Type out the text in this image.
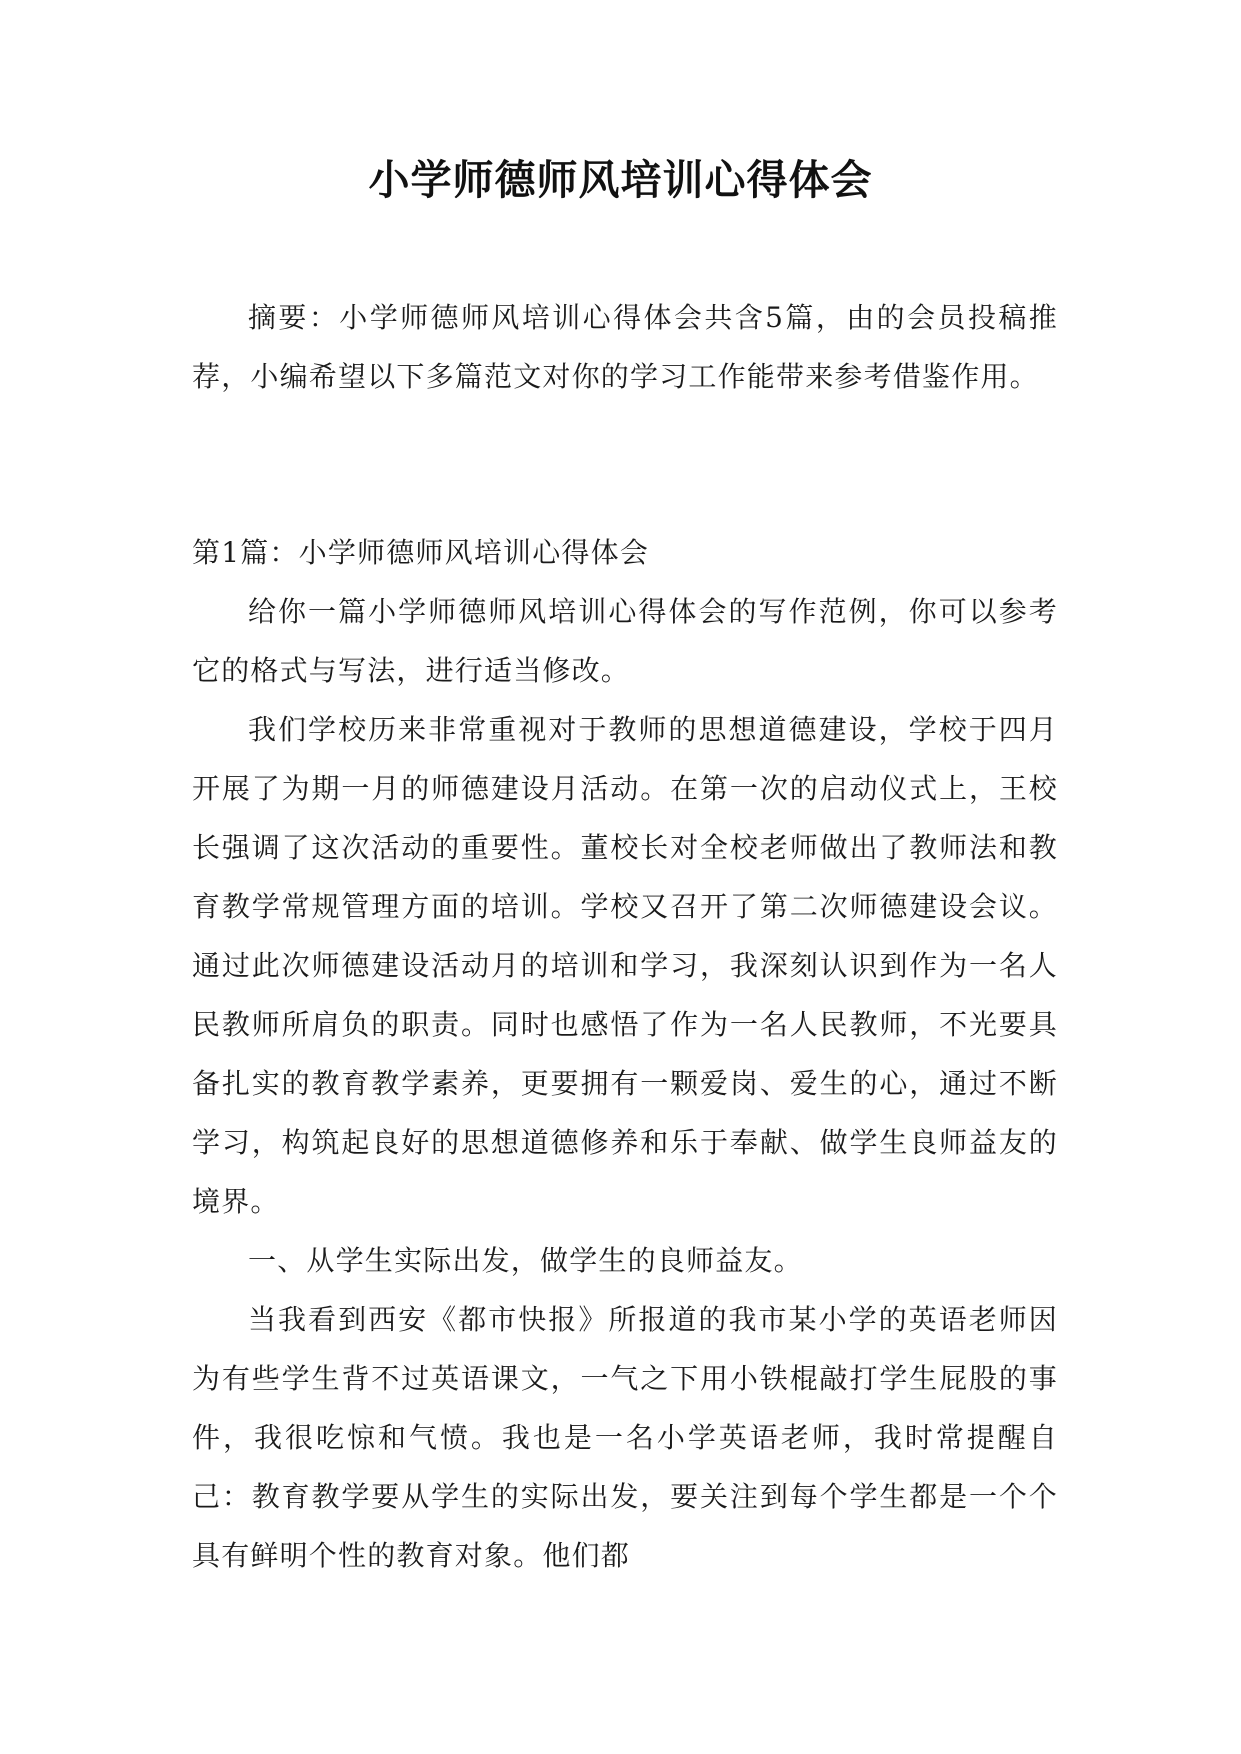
小学师德师风培训心得体会

摘要：小学师德师风培训心得体会共含5篇，由的会员投稿推荐，小编希望以下多篇范文对你的学习工作能带来参考借鉴作用。

第1篇：小学师德师风培训心得体会

给你一篇小学师德师风培训心得体会的写作范例，你可以参考它的格式与写法，进行适当修改。

我们学校历来非常重视对于教师的思想道德建设，学校于四月开展了为期一月的师德建设月活动。在第一次的启动仪式上，王校长强调了这次活动的重要性。董校长对全校老师做出了教师法和教育教学常规管理方面的培训。学校又召开了第二次师德建设会议。通过此次师德建设活动月的培训和学习，我深刻认识到作为一名人民教师所肩负的职责。同时也感悟了作为一名人民教师，不光要具备扎实的教育教学素养，更要拥有一颗爱岗、爱生的心，通过不断学习，构筑起良好的思想道德修养和乐于奉献、做学生良师益友的境界。

一、从学生实际出发，做学生的良师益友。

当我看到西安《都市快报》所报道的我市某小学的英语老师因为有些学生背不过英语课文，一气之下用小铁棍敲打学生屁股的事件，我很吃惊和气愤。我也是一名小学英语老师，我时常提醒自己：教育教学要从学生的实际出发，要关注到每个学生都是一个个具有鲜明个性的教育对象。他们都
